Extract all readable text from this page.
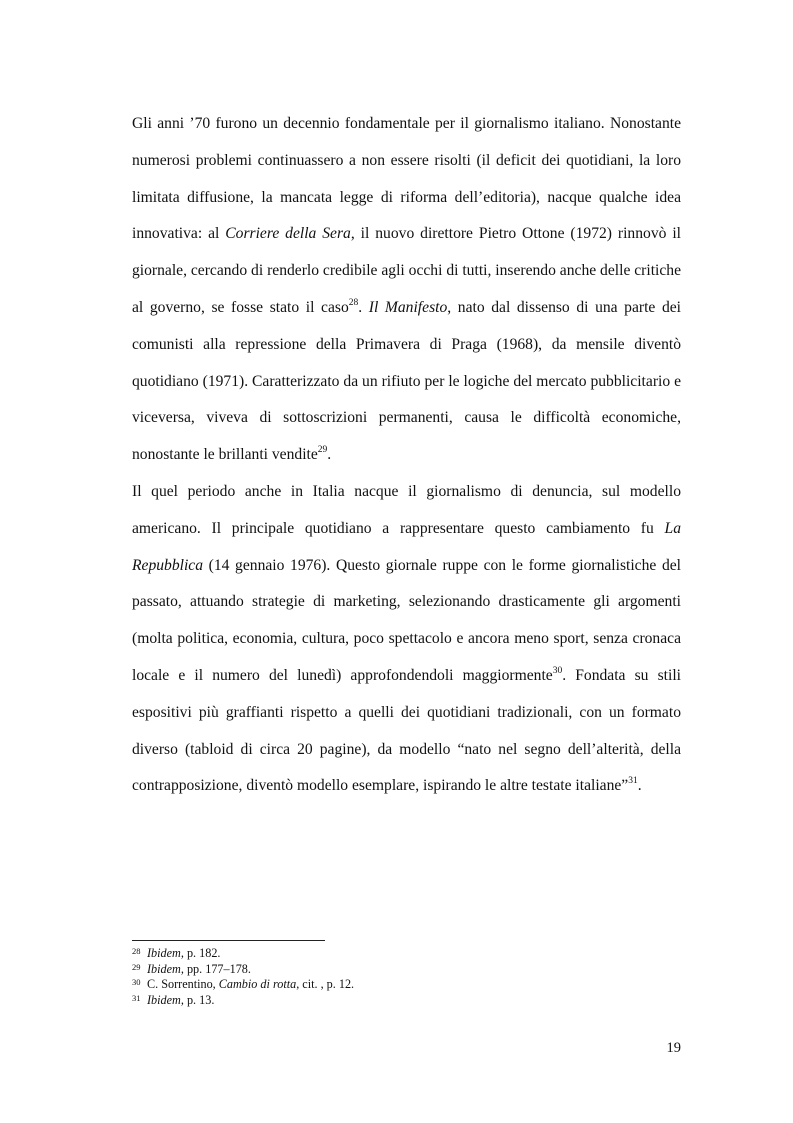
Gli anni ’70 furono un decennio fondamentale per il giornalismo italiano. Nonostante numerosi problemi continuassero a non essere risolti (il deficit dei quotidiani, la loro limitata diffusione, la mancata legge di riforma dell’editoria), nacque qualche idea innovativa: al Corriere della Sera, il nuovo direttore Pietro Ottone (1972) rinnovò il giornale, cercando di renderlo credibile agli occhi di tutti, inserendo anche delle critiche al governo, se fosse stato il caso$^{28}$. Il Manifesto, nato dal dissenso di una parte dei comunisti alla repressione della Primavera di Praga (1968), da mensile diventò quotidiano (1971). Caratterizzato da un rifiuto per le logiche del mercato pubblicitario e viceversa, viveva di sottoscrizioni permanenti, causa le difficoltà economiche, nonostante le brillanti vendite$^{29}$.

Il quel periodo anche in Italia nacque il giornalismo di denuncia, sul modello americano. Il principale quotidiano a rappresentare questo cambiamento fu La Repubblica (14 gennaio 1976). Questo giornale ruppe con le forme giornalistiche del passato, attuando strategie di marketing, selezionando drasticamente gli argomenti (molta politica, economia, cultura, poco spettacolo e ancora meno sport, senza cronaca locale e il numero del lunedì) approfondendoli maggiormente$^{30}$. Fondata su stili espositivi più graffianti rispetto a quelli dei quotidiani tradizionali, con un formato diverso (tabloid di circa 20 pagine), da modello “nato nel segno dell’alterità, della contrapposizione, diventò modello esemplare, ispirando le altre testate italiane”$^{31}$.

28 Ibidem, p. 182.
29 Ibidem, pp. 177–178.
30 C. Sorrentino, Cambio di rotta, cit. , p. 12.
31 Ibidem, p. 13.
19
